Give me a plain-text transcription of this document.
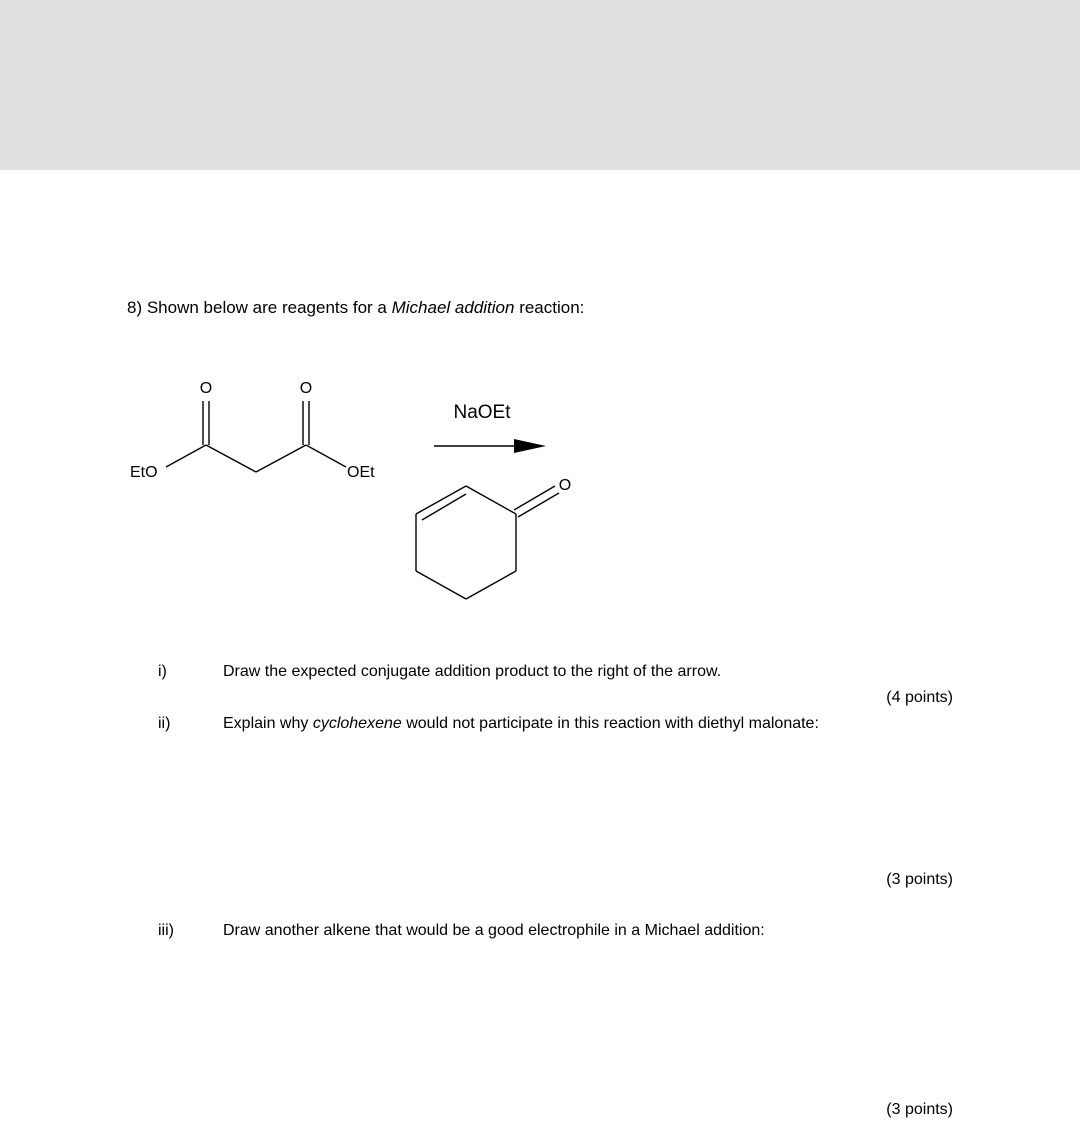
8) Shown below are reagents for a Michael addition reaction:
O	O
EtO	OEt
NaOEt
O
i)	Draw the expected conjugate addition product to the right of the arrow.
(4 points)
ii)	Explain why cyclohexene would not participate in this reaction with diethyl malonate:
(3 points)
iii)	Draw another alkene that would be a good electrophile in a Michael addition:
(3 points)
